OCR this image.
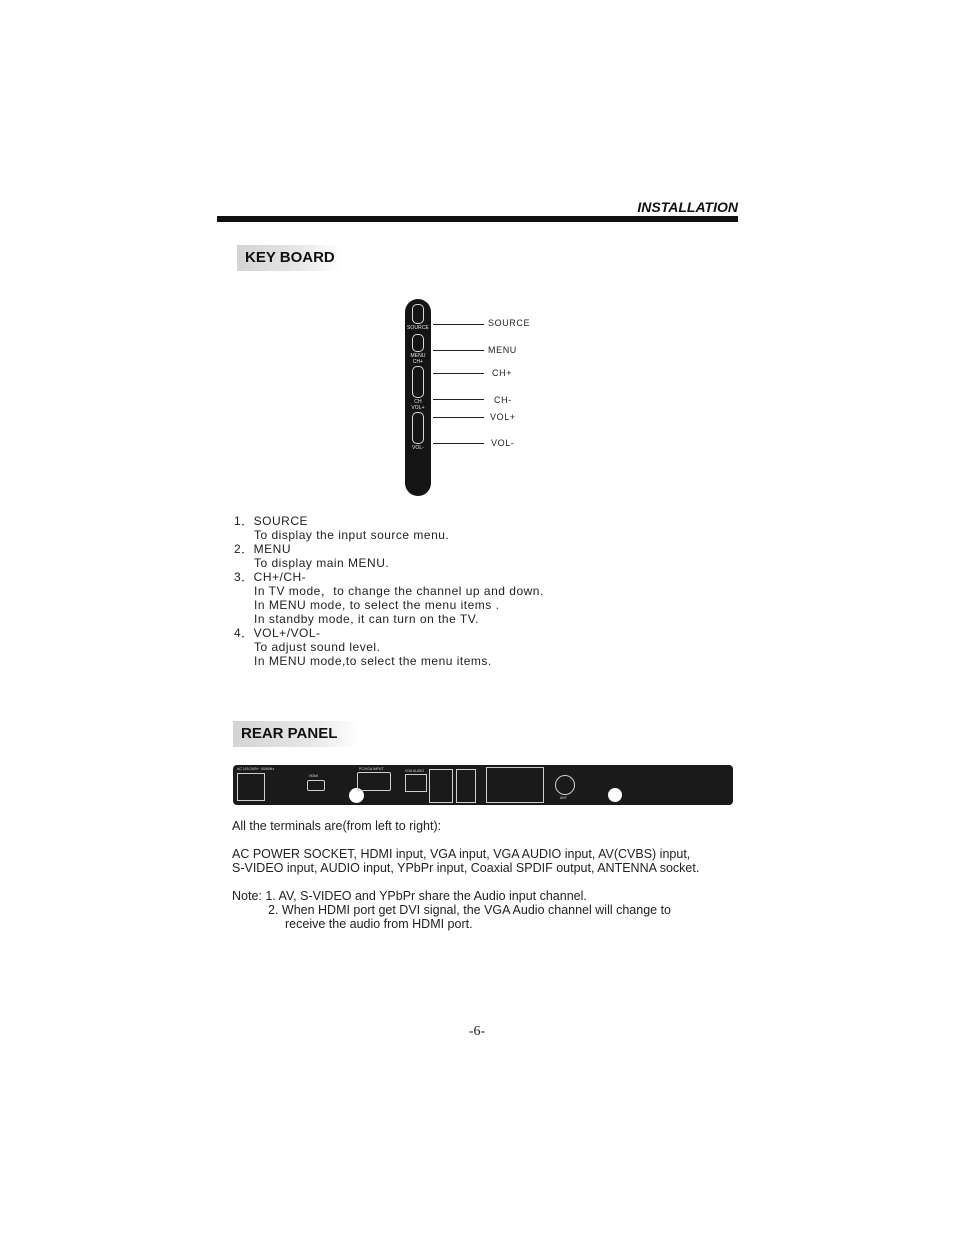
INSTALLATION
KEY BOARD
SOURCE
MENU
CH+
CH
VOL+
VOL-
SOURCE
MENU
CH+
CH-
VOL+
VOL-
1．SOURCE
To display the input source menu.
2．MENU
To display main MENU.
3．CH+/CH-
In TV mode，to change the channel up and down.
In MENU mode, to select the menu items .
In standby mode, it can turn on the TV.
4．VOL+/VOL-
To adjust sound level.
In MENU mode,to select the menu items.
REAR PANEL
AC 100-240V~ 50/60Hz
HDMI
PC/VGA INPUT	VGA AUDIO
ANT
All the terminals are(from left to right):
AC POWER SOCKET, HDMI input, VGA input, VGA AUDIO input, AV(CVBS) input,
S-VIDEO input, AUDIO input, YPbPr input, Coaxial SPDIF output, ANTENNA socket.
Note: 1. AV, S-VIDEO and YPbPr share the Audio input channel.
2. When HDMI port get DVI signal, the VGA Audio channel will change to
receive the audio from HDMI port.
-6-
